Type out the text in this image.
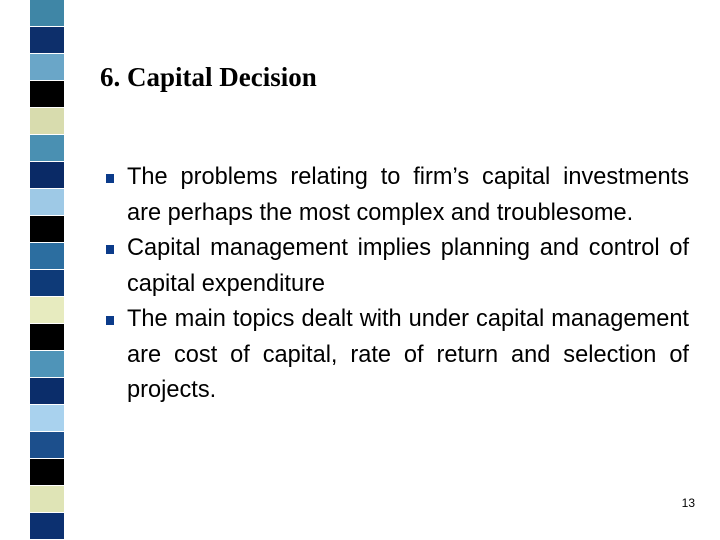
6. Capital Decision
The problems relating to firm’s capital investments are perhaps the most complex and troublesome.
Capital management implies planning and control of capital expenditure
The main topics dealt with under capital management are cost of capital, rate of return and selection of projects.
13
